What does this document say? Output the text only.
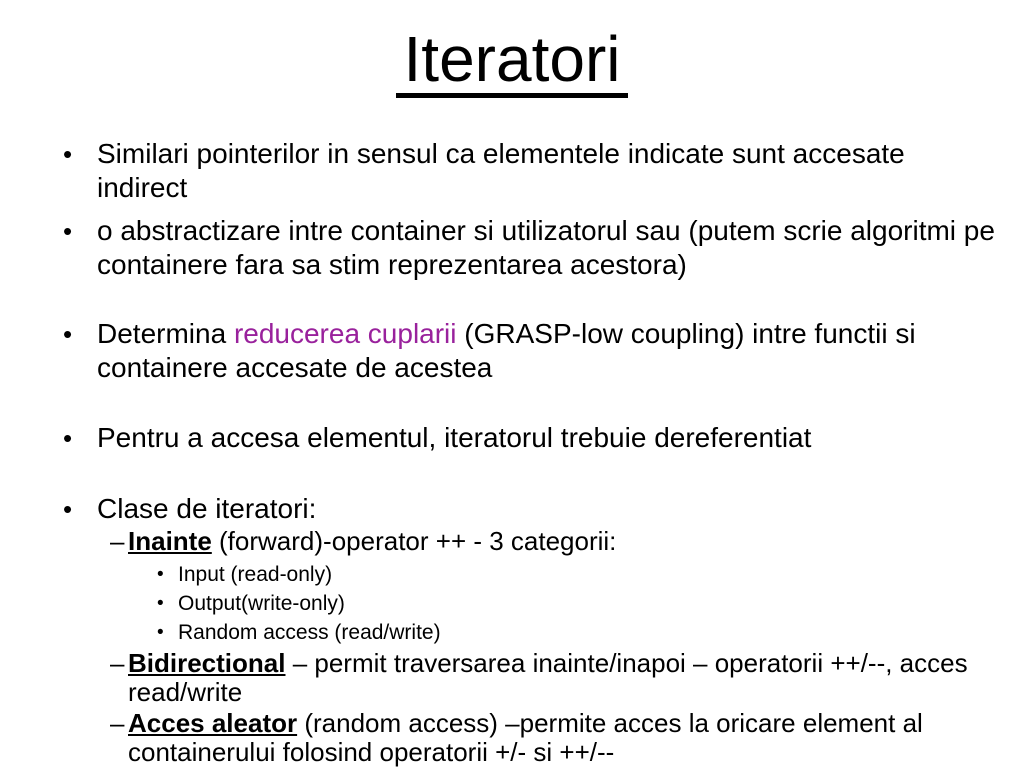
Iteratori
• Similari pointerilor in sensul ca elementele indicate sunt accesate indirect
• o abstractizare intre container si utilizatorul sau (putem scrie algoritmi pe
containere fara sa stim reprezentarea acestora)
• Determina reducerea cuplarii (GRASP-low coupling) intre functii si
containere accesate de acestea
• Pentru a accesa elementul, iteratorul trebuie dereferentiat
• Clase de iteratori:
– Inainte (forward)-operator ++ - 3 categorii:
• Input (read-only)
• Output(write-only)
• Random access (read/write)
– Bidirectional – permit traversarea inainte/inapoi – operatorii ++/--, acces
read/write
– Acces aleator (random access) –permite acces la oricare element al
containerului folosind operatorii +/- si ++/--
